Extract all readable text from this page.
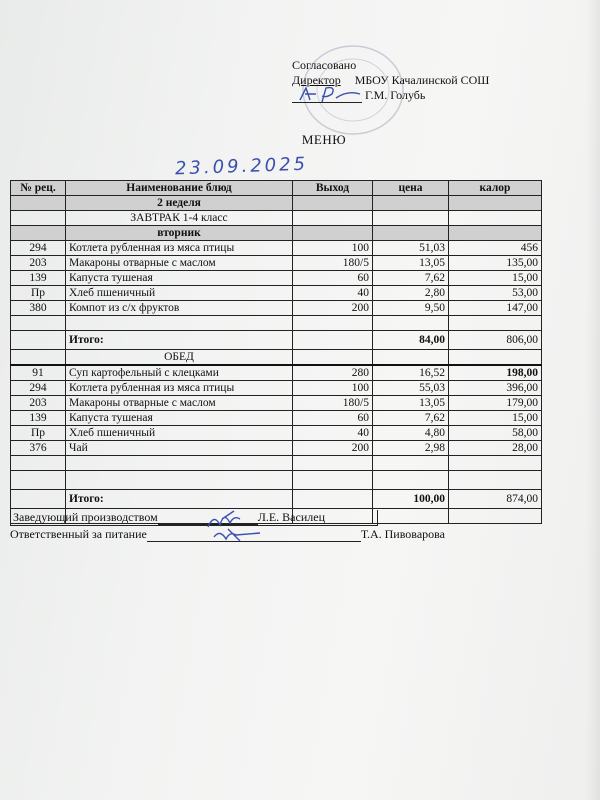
Согласовано
Директор МБОУ Качалинской СОШ
Г.М. Голубь
МЕНЮ
23.09.2025
№ рец.	Наименование блюд	Выход	цена	калор
	2 неделя			
	ЗАВТРАК 1-4 класс			
	вторник			
294	Котлета рубленная из мяса птицы	100	51,03	456
203	Макароны отварные с маслом	180/5	13,05	135,00
139	Капуста тушеная	60	7,62	15,00
Пр	Хлеб пшеничный	40	2,80	53,00
380	Компот из с/х фруктов	200	9,50	147,00

	Итого:		84,00	806,00
	ОБЕД			
91	Суп картофельный с клецками	280	16,52	198,00
294	Котлета рубленная из мяса птицы	100	55,03	396,00
203	Макароны отварные с маслом	180/5	13,05	179,00
139	Капуста тушеная	60	7,62	15,00
Пр	Хлеб пшеничный	40	4,80	58,00
376	Чай	200	2,98	28,00

	Итого:		100,00	874,00

Заведующий производством	Л.Е. Василец
Ответственный за питание	Т.А. Пивоварова
